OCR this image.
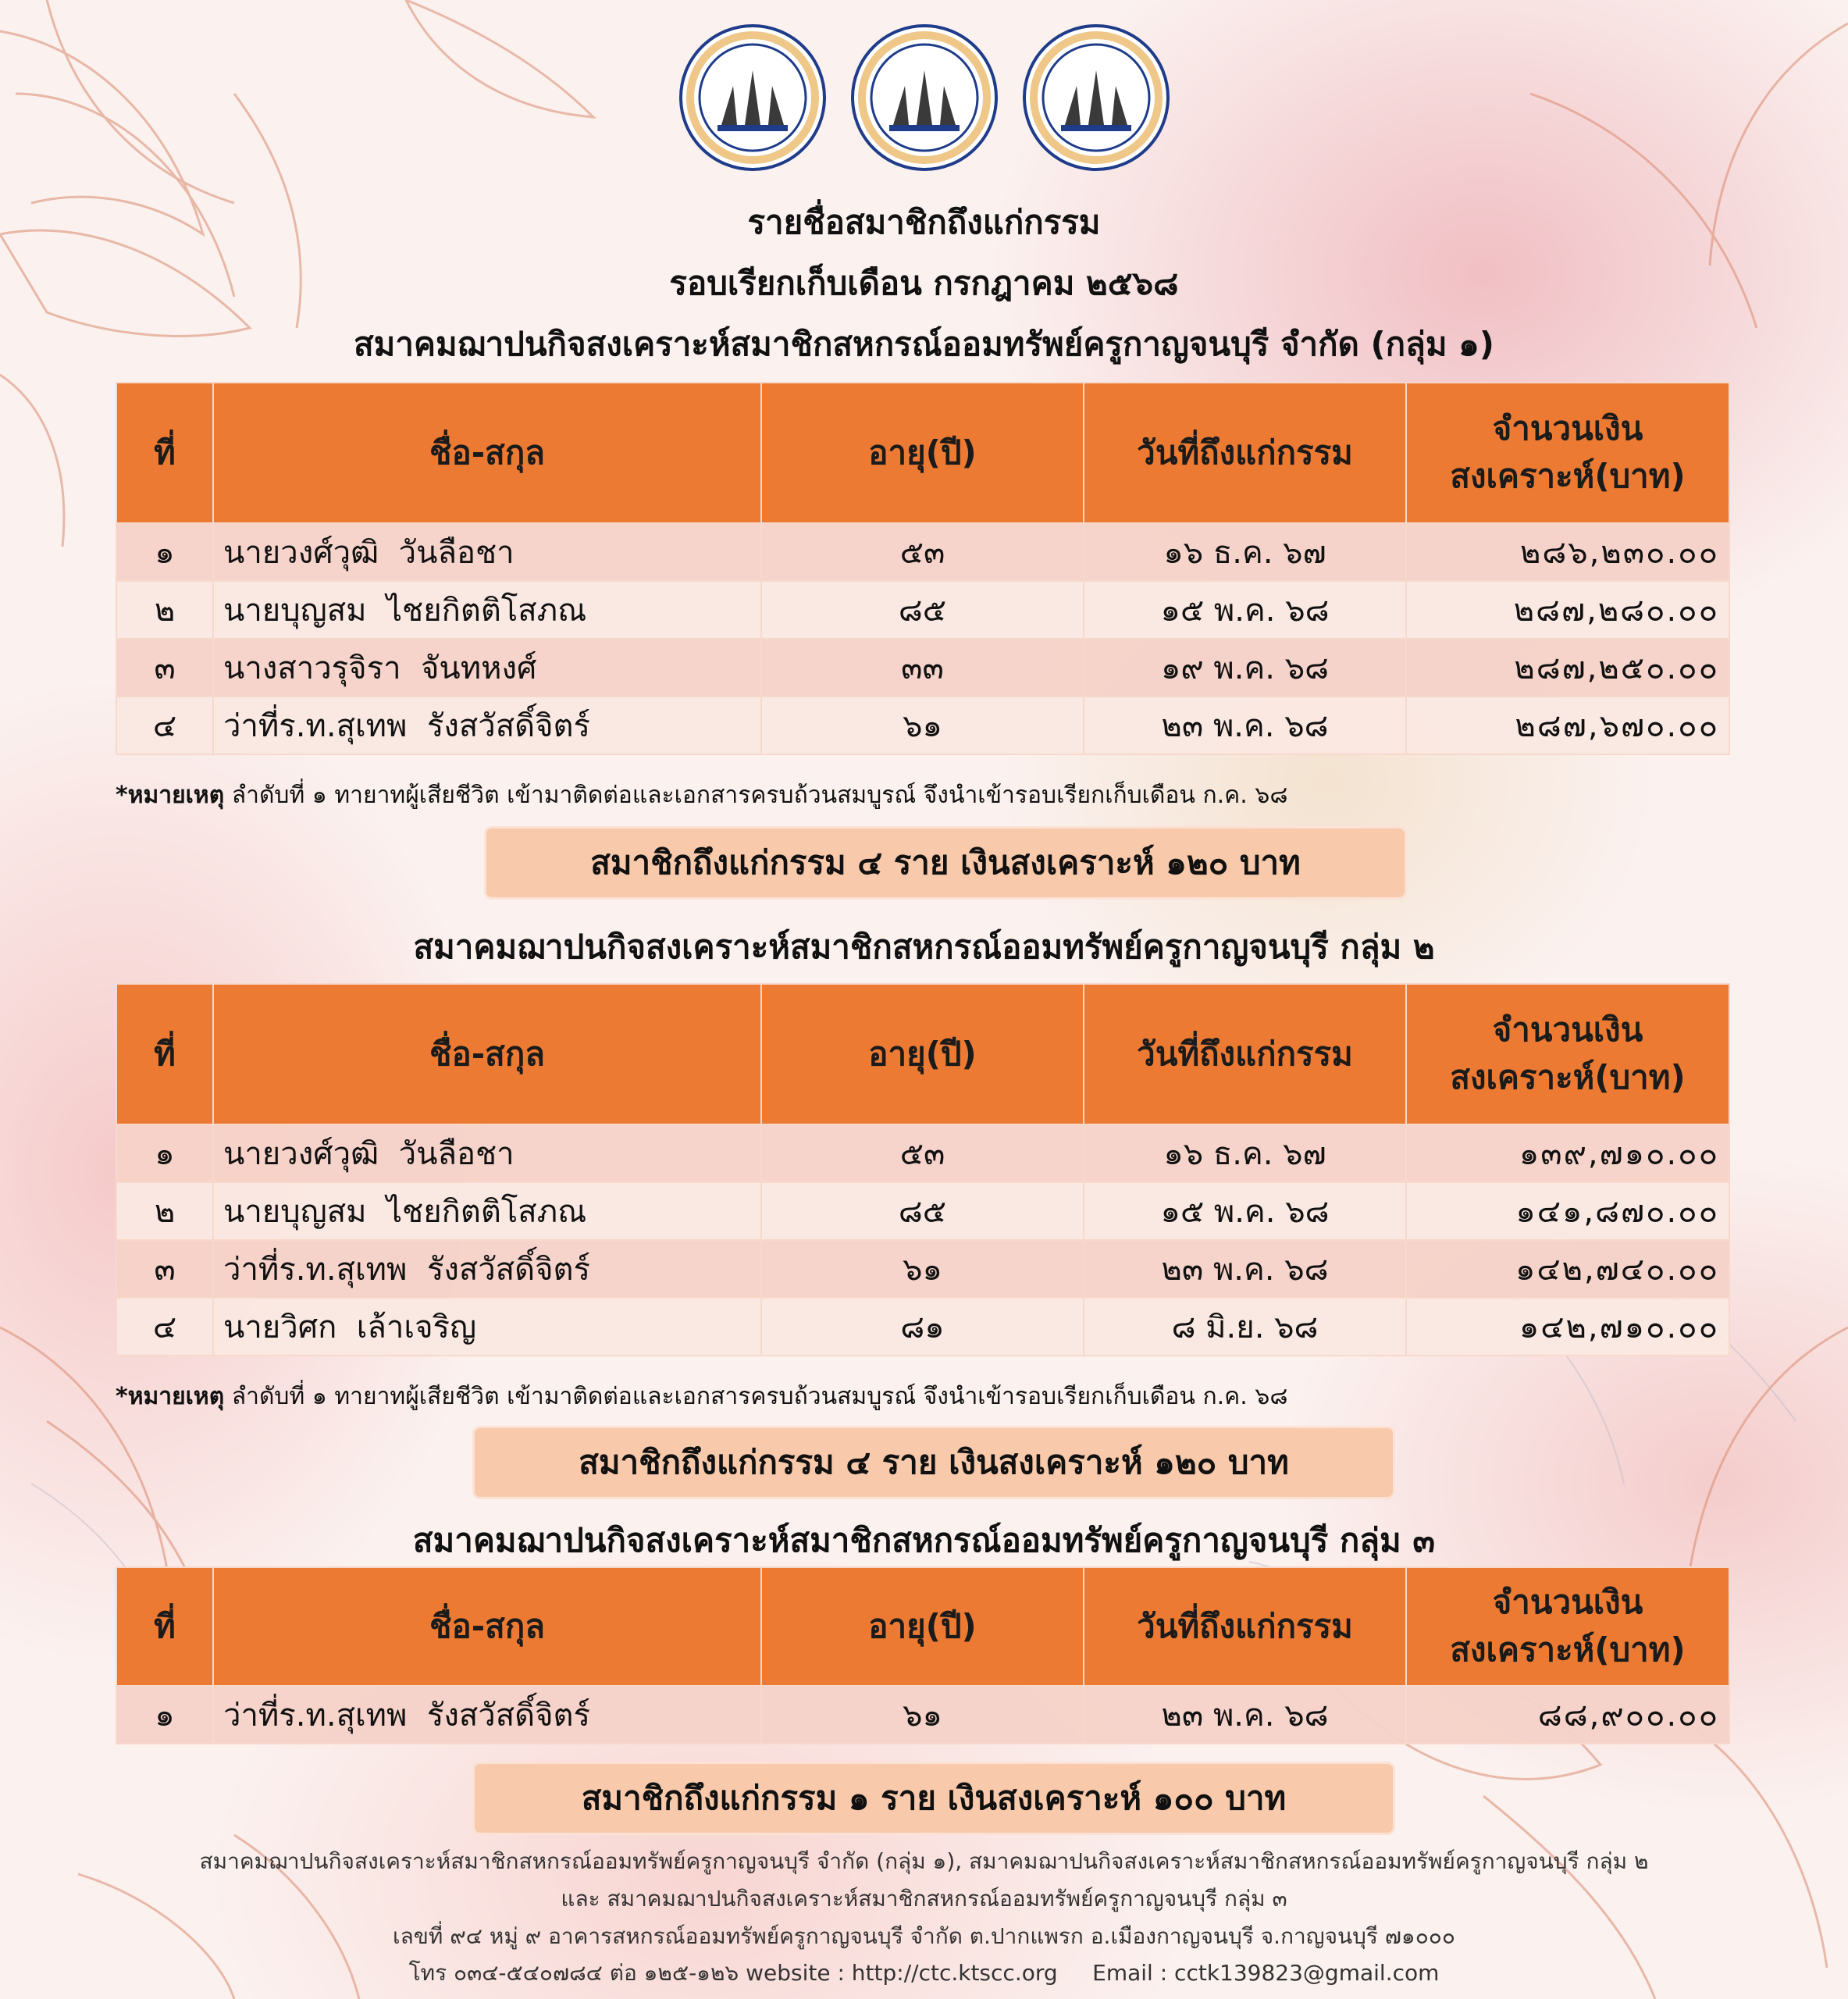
รายชื่อสมาชิกถึงแก่กรรม
รอบเรียกเก็บเดือน กรกฎาคม ๒๕๖๘
สมาคมฌาปนกิจสงเคราะห์สมาชิกสหกรณ์ออมทรัพย์ครูกาญจนบุรี จำกัด (กลุ่ม ๑)
ที่	ชื่อ-สกุล	อายุ(ปี)	วันที่ถึงแก่กรรม	จำนวนเงิน
สงเคราะห์(บาท)
๑	นายวงศ์วุฒิ วันลือชา	๕๓	๑๖ ธ.ค. ๖๗	๒๘๖,๒๓๐.๐๐
๒	นายบุญสม ไชยกิตติโสภณ	๘๕	๑๕ พ.ค. ๖๘	๒๘๗,๒๘๐.๐๐
๓	นางสาวรุจิรา จันทหงศ์	๓๓	๑๙ พ.ค. ๖๘	๒๘๗,๒๕๐.๐๐
๔	ว่าที่ร.ท.สุเทพ รังสวัสดิ์จิตร์	๖๑	๒๓ พ.ค. ๖๘	๒๘๗,๖๗๐.๐๐
*หมายเหตุ ลำดับที่ ๑ ทายาทผู้เสียชีวิต เข้ามาติดต่อและเอกสารครบถ้วนสมบูรณ์ จึงนำเข้ารอบเรียกเก็บเดือน ก.ค. ๖๘
สมาชิกถึงแก่กรรม ๔ ราย เงินสงเคราะห์ ๑๒๐ บาท
สมาคมฌาปนกิจสงเคราะห์สมาชิกสหกรณ์ออมทรัพย์ครูกาญจนบุรี กลุ่ม ๒
ที่	ชื่อ-สกุล	อายุ(ปี)	วันที่ถึงแก่กรรม	จำนวนเงิน
สงเคราะห์(บาท)
๑	นายวงศ์วุฒิ วันลือชา	๕๓	๑๖ ธ.ค. ๖๗	๑๓๙,๗๑๐.๐๐
๒	นายบุญสม ไชยกิตติโสภณ	๘๕	๑๕ พ.ค. ๖๘	๑๔๑,๘๗๐.๐๐
๓	ว่าที่ร.ท.สุเทพ รังสวัสดิ์จิตร์	๖๑	๒๓ พ.ค. ๖๘	๑๔๒,๗๔๐.๐๐
๔	นายวิศก เล้าเจริญ	๘๑	๘ มิ.ย. ๖๘	๑๔๒,๗๑๐.๐๐
*หมายเหตุ ลำดับที่ ๑ ทายาทผู้เสียชีวิต เข้ามาติดต่อและเอกสารครบถ้วนสมบูรณ์ จึงนำเข้ารอบเรียกเก็บเดือน ก.ค. ๖๘
สมาชิกถึงแก่กรรม ๔ ราย เงินสงเคราะห์ ๑๒๐ บาท
สมาคมฌาปนกิจสงเคราะห์สมาชิกสหกรณ์ออมทรัพย์ครูกาญจนบุรี กลุ่ม ๓
ที่	ชื่อ-สกุล	อายุ(ปี)	วันที่ถึงแก่กรรม	จำนวนเงิน
สงเคราะห์(บาท)
๑	ว่าที่ร.ท.สุเทพ รังสวัสดิ์จิตร์	๖๑	๒๓ พ.ค. ๖๘	๘๘,๙๐๐.๐๐
สมาชิกถึงแก่กรรม ๑ ราย เงินสงเคราะห์ ๑๐๐ บาท
สมาคมฌาปนกิจสงเคราะห์สมาชิกสหกรณ์ออมทรัพย์ครูกาญจนบุรี จำกัด (กลุ่ม ๑), สมาคมฌาปนกิจสงเคราะห์สมาชิกสหกรณ์ออมทรัพย์ครูกาญจนบุรี กลุ่ม ๒
และ สมาคมฌาปนกิจสงเคราะห์สมาชิกสหกรณ์ออมทรัพย์ครูกาญจนบุรี กลุ่ม ๓
เลขที่ ๙๔ หมู่ ๙ อาคารสหกรณ์ออมทรัพย์ครูกาญจนบุรี จำกัด ต.ปากแพรก อ.เมืองกาญจนบุรี จ.กาญจนบุรี ๗๑๐๐๐
โทร ๐๓๔-๕๔๐๗๘๔ ต่อ ๑๒๕-๑๒๖ website : http://ctc.ktscc.org     Email : cctk139823@gmail.com
